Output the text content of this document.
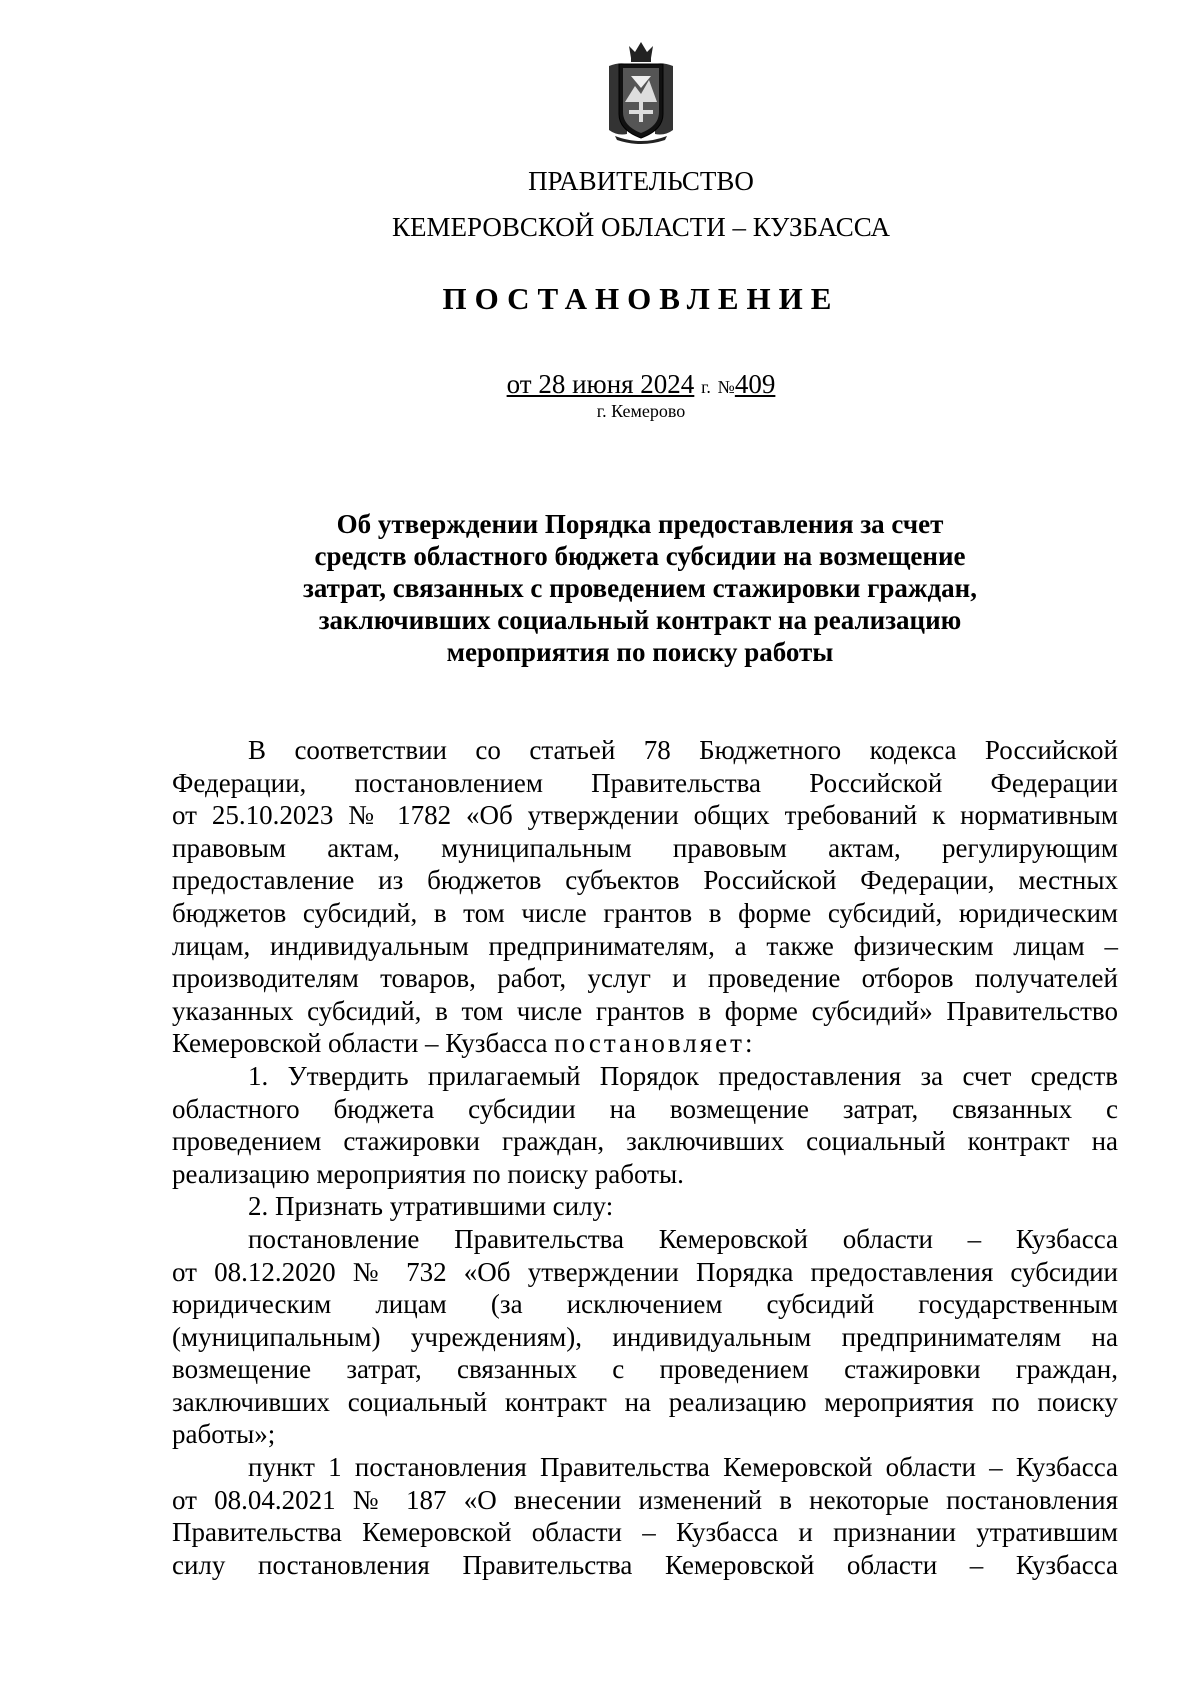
ПРАВИТЕЛЬСТВО
КЕМЕРОВСКОЙ ОБЛАСТИ – КУЗБАССА
ПОСТАНОВЛЕНИЕ
от 28 июня 2024 г. №409
г. Кемерово
Об утверждении Порядка предоставления за счет
средств областного бюджета субсидии на возмещение
затрат, связанных с проведением стажировки граждан,
заключивших социальный контракт на реализацию
мероприятия по поиску работы
В соответствии со статьей 78 Бюджетного кодекса Российской
Федерации, постановлением Правительства Российской Федерации
от 25.10.2023 № 1782 «Об утверждении общих требований к нормативным
правовым актам, муниципальным правовым актам, регулирующим
предоставление из бюджетов субъектов Российской Федерации, местных
бюджетов субсидий, в том числе грантов в форме субсидий, юридическим
лицам, индивидуальным предпринимателям, а также физическим лицам –
производителям товаров, работ, услуг и проведение отборов получателей
указанных субсидий, в том числе грантов в форме субсидий» Правительство
Кемеровской области – Кузбасса постановляет:
1. Утвердить прилагаемый Порядок предоставления за счет средств
областного бюджета субсидии на возмещение затрат, связанных с
проведением стажировки граждан, заключивших социальный контракт на
реализацию мероприятия по поиску работы.
2. Признать утратившими силу:
постановление Правительства Кемеровской области – Кузбасса
от 08.12.2020 № 732 «Об утверждении Порядка предоставления субсидии
юридическим лицам (за исключением субсидий государственным
(муниципальным) учреждениям), индивидуальным предпринимателям на
возмещение затрат, связанных с проведением стажировки граждан,
заключивших социальный контракт на реализацию мероприятия по поиску
работы»;
пункт 1 постановления Правительства Кемеровской области – Кузбасса
от 08.04.2021 № 187 «О внесении изменений в некоторые постановления
Правительства Кемеровской области – Кузбасса и признании утратившим
силу постановления Правительства Кемеровской области – Кузбасса
